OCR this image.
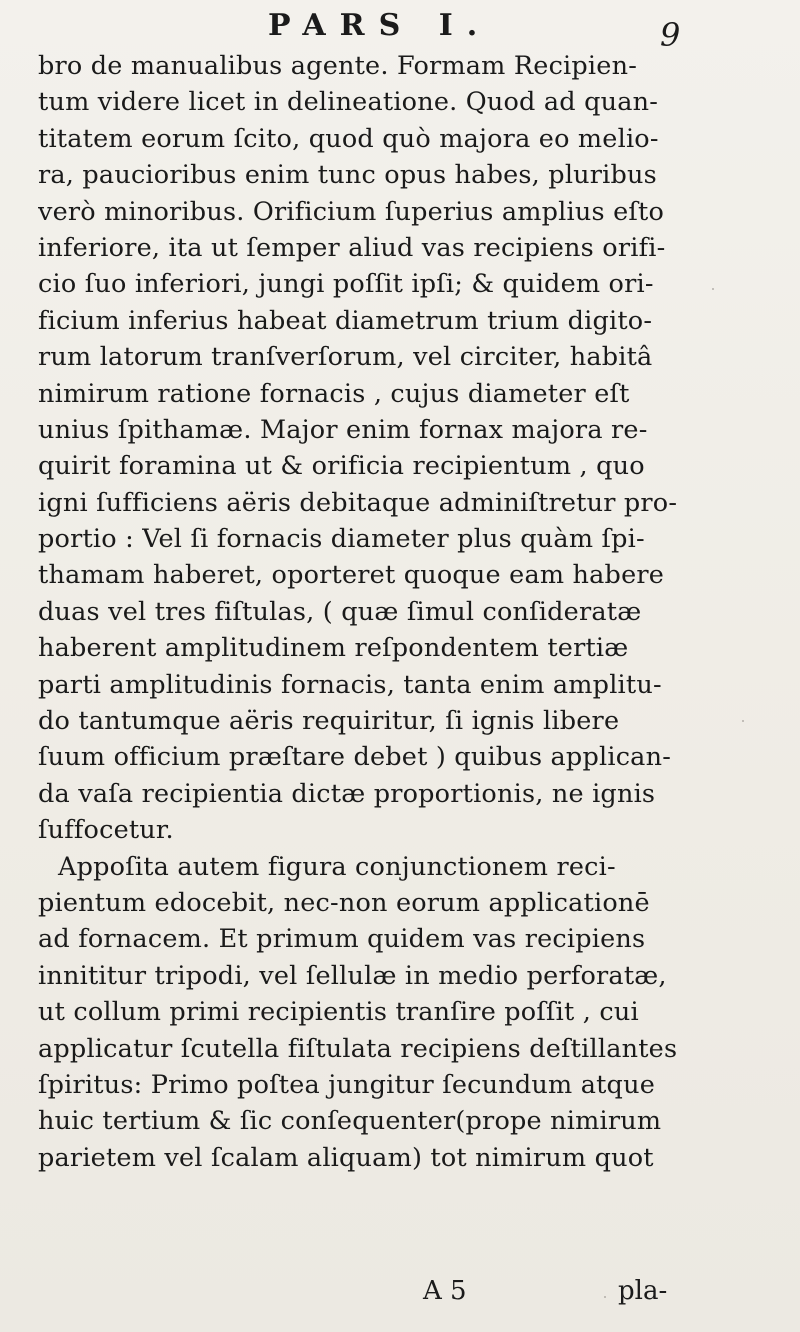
PARS I.	9
bro de manualibus agente. Formam Recipien-
tum videre licet in delineatione. Quod ad quan-
titatem eorum ſcito, quod quò majora eo melio-
ra, paucioribus enim tunc opus habes, pluribus
verò minoribus. Orificium ſuperius amplius eſto
inferiore, ita ut ſemper aliud vas recipiens orifi-
cio ſuo inferiori, jungi poſſit ipſi; & quidem ori-
ficium inferius habeat diametrum trium digito-
rum latorum tranſverſorum, vel circiter, habitâ
nimirum ratione fornacis , cujus diameter eſt
unius ſpithamæ. Major enim fornax majora re-
quirit foramina ut & orificia recipientum , quo
igni ſufficiens aëris debitaque adminiſtretur pro-
portio : Vel ſi fornacis diameter plus quàm ſpi-
thamam haberet, oporteret quoque eam habere
duas vel tres fiſtulas, ( quæ ſimul conſideratæ
haberent amplitudinem reſpondentem tertiæ
parti amplitudinis fornacis, tanta enim amplitu-
do tantumque aëris requiritur, ſi ignis libere
ſuum officium præſtare debet ) quibus applican-
da vaſa recipientia dictæ proportionis, ne ignis
ſuffocetur.
Appoſita autem figura conjunctionem reci-
pientum edocebit, nec-non eorum applicationē
ad fornacem. Et primum quidem vas recipiens
innititur tripodi, vel ſellulæ in medio perforatæ,
ut collum primi recipientis tranſire poſſit , cui
applicatur ſcutella fiſtulata recipiens deſtillantes
ſpiritus: Primo poſtea jungitur ſecundum atque
huic tertium & ſic conſequenter(prope nimirum
parietem vel ſcalam aliquam) tot nimirum quot
A 5	pla-
